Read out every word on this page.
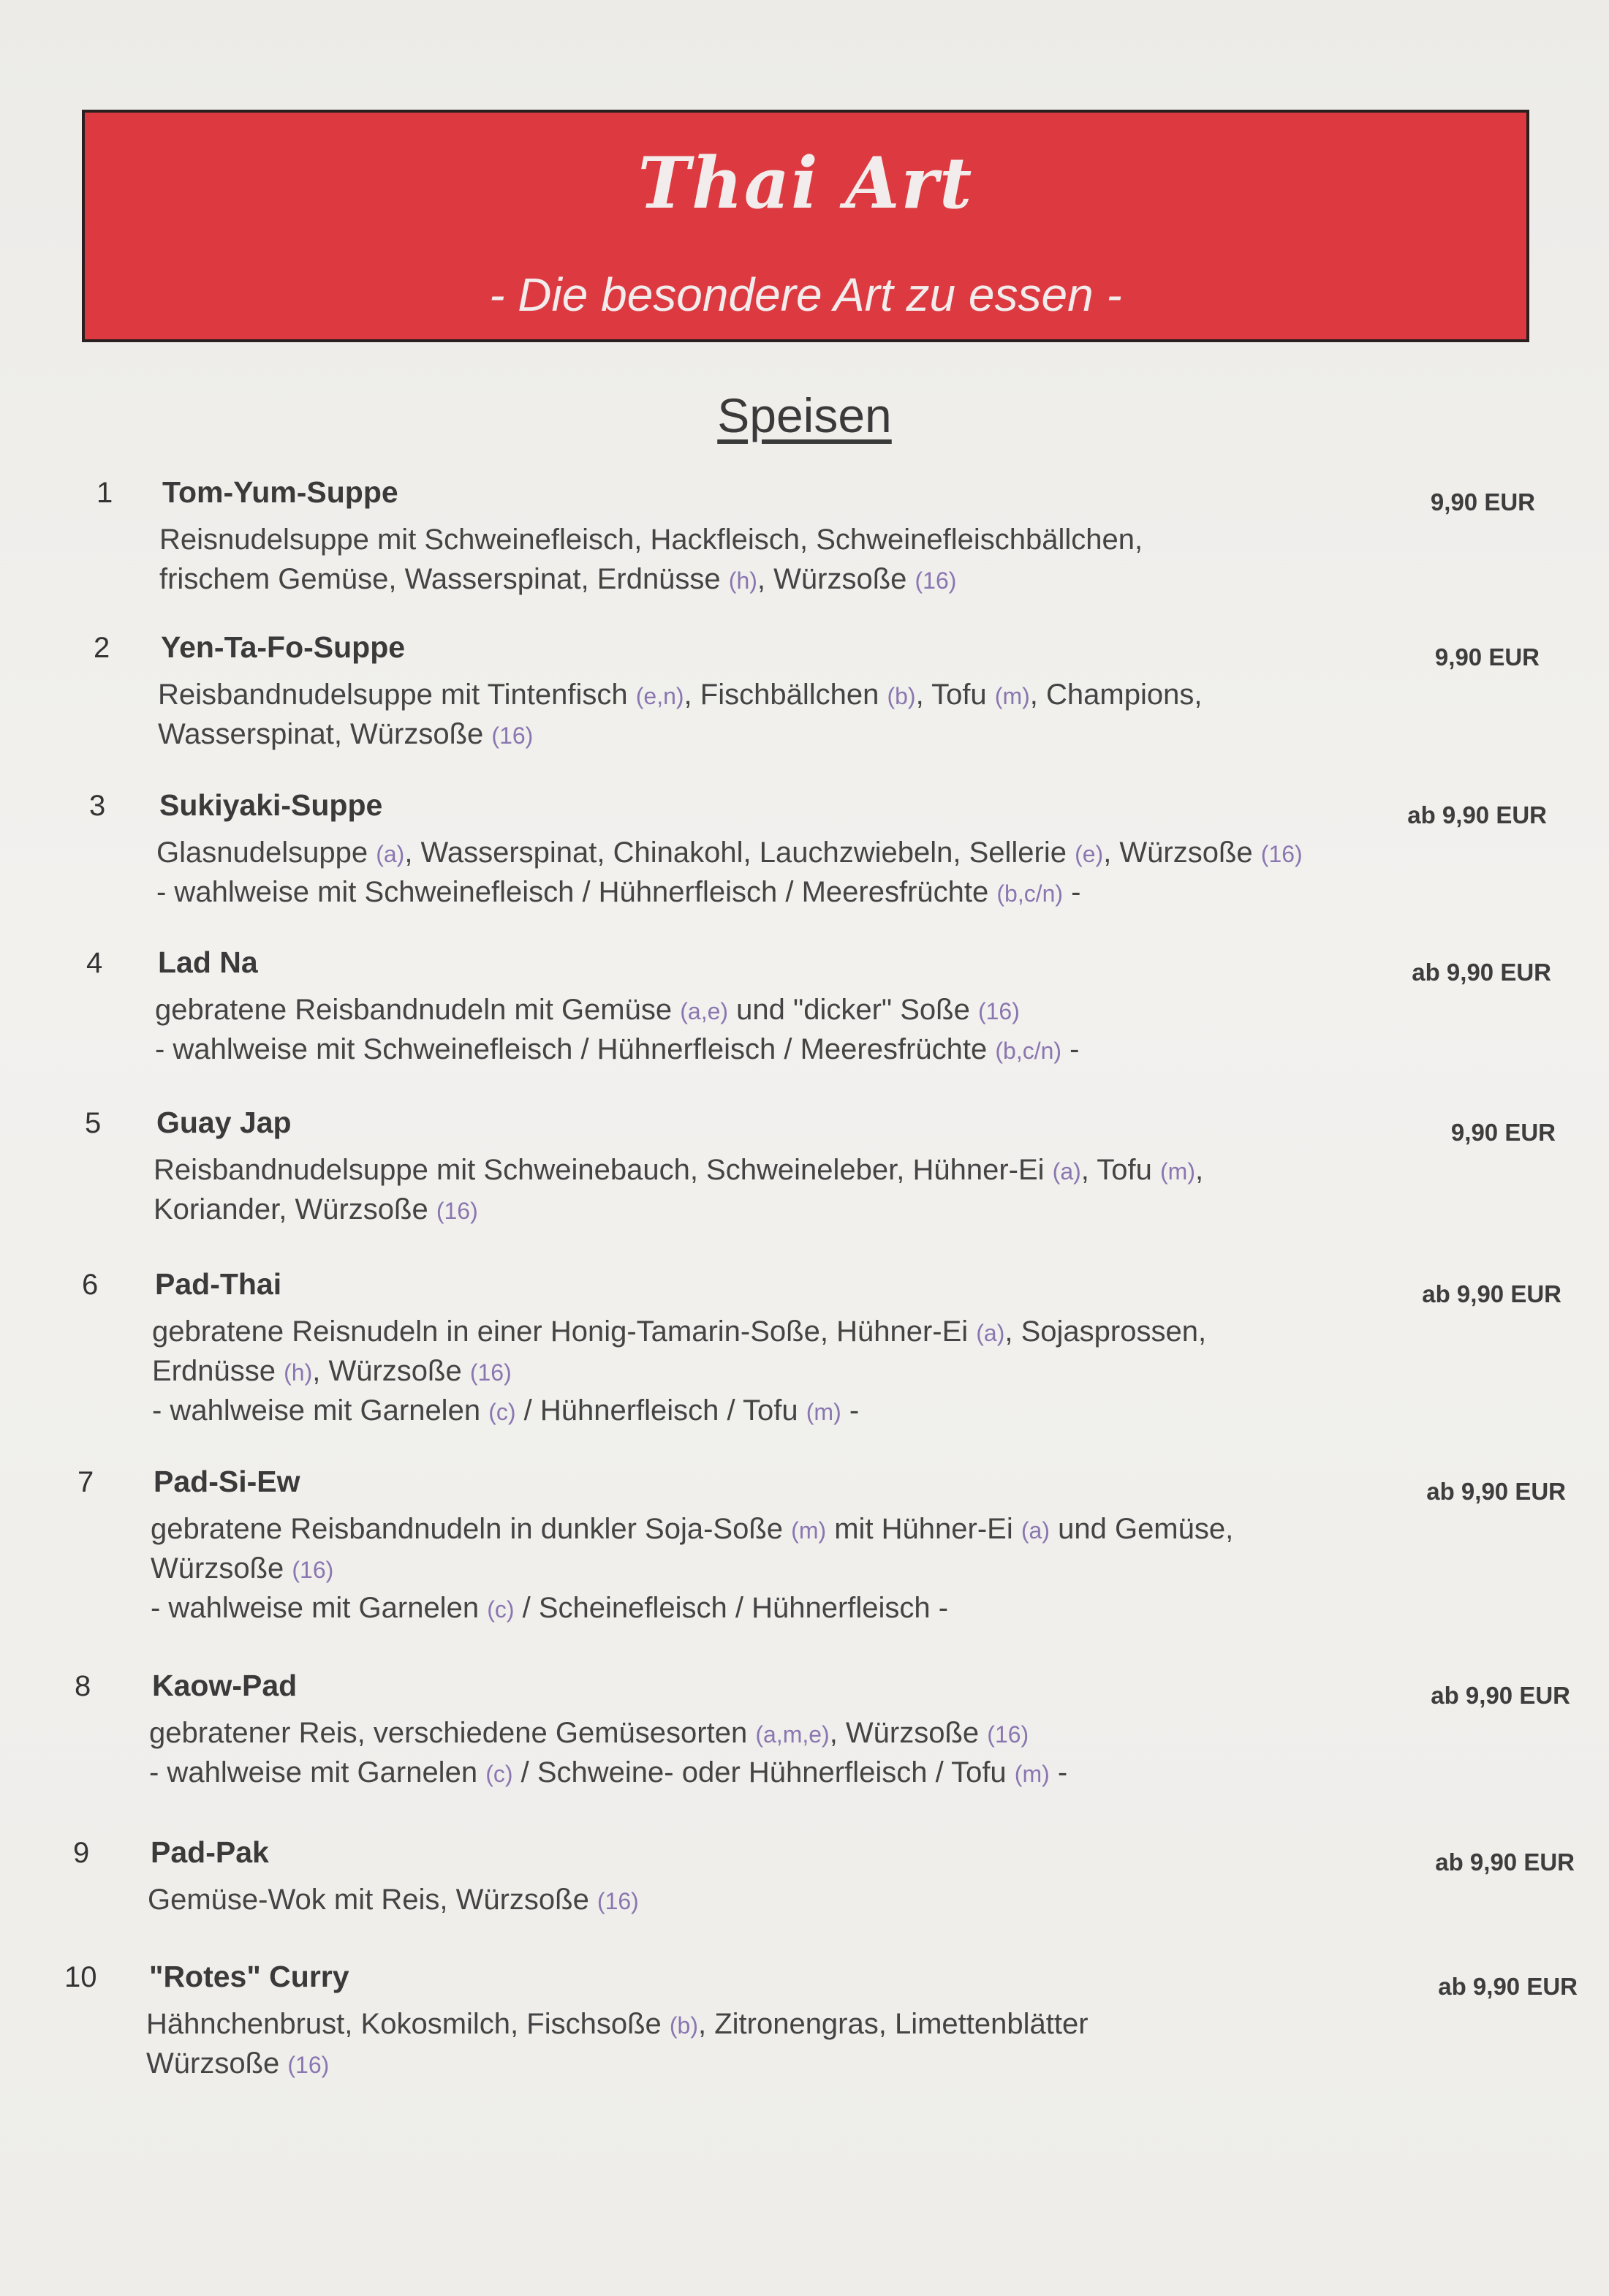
Thai Art
- Die besondere Art zu essen -
Speisen
1 Tom-Yum-Suppe	9,90 EUR
Reisnudelsuppe mit Schweinefleisch, Hackfleisch, Schweinefleischbällchen,
frischem Gemüse, Wasserspinat, Erdnüsse (h), Würzsoße (16)
2 Yen-Ta-Fo-Suppe	9,90 EUR
Reisbandnudelsuppe mit Tintenfisch (e,n), Fischbällchen (b), Tofu (m), Champions,
Wasserspinat, Würzsoße (16)
3 Sukiyaki-Suppe	ab 9,90 EUR
Glasnudelsuppe (a), Wasserspinat, Chinakohl, Lauchzwiebeln, Sellerie (e), Würzsoße (16)
- wahlweise mit Schweinefleisch / Hühnerfleisch / Meeresfrüchte (b,c/n) -
4 Lad Na	ab 9,90 EUR
gebratene Reisbandnudeln mit Gemüse (a,e) und "dicker" Soße (16)
- wahlweise mit Schweinefleisch / Hühnerfleisch / Meeresfrüchte (b,c/n) -
5 Guay Jap	9,90 EUR
Reisbandnudelsuppe mit Schweinebauch, Schweineleber, Hühner-Ei (a), Tofu (m),
Koriander, Würzsoße (16)
6 Pad-Thai	ab 9,90 EUR
gebratene Reisnudeln in einer Honig-Tamarin-Soße, Hühner-Ei (a), Sojasprossen,
Erdnüsse (h), Würzsoße (16)
- wahlweise mit Garnelen (c) / Hühnerfleisch / Tofu (m) -
7 Pad-Si-Ew	ab 9,90 EUR
gebratene Reisbandnudeln in dunkler Soja-Soße (m) mit Hühner-Ei (a) und Gemüse,
Würzsoße (16)
- wahlweise mit Garnelen (c) / Scheinefleisch / Hühnerfleisch -
8 Kaow-Pad	ab 9,90 EUR
gebratener Reis, verschiedene Gemüsesorten (a,m,e), Würzsoße (16)
- wahlweise mit Garnelen (c) / Schweine- oder Hühnerfleisch / Tofu (m) -
9 Pad-Pak	ab 9,90 EUR
Gemüse-Wok mit Reis, Würzsoße (16)
10 "Rotes" Curry	ab 9,90 EUR
Hähnchenbrust, Kokosmilch, Fischsoße (b), Zitronengras, Limettenblätter
Würzsoße (16)
